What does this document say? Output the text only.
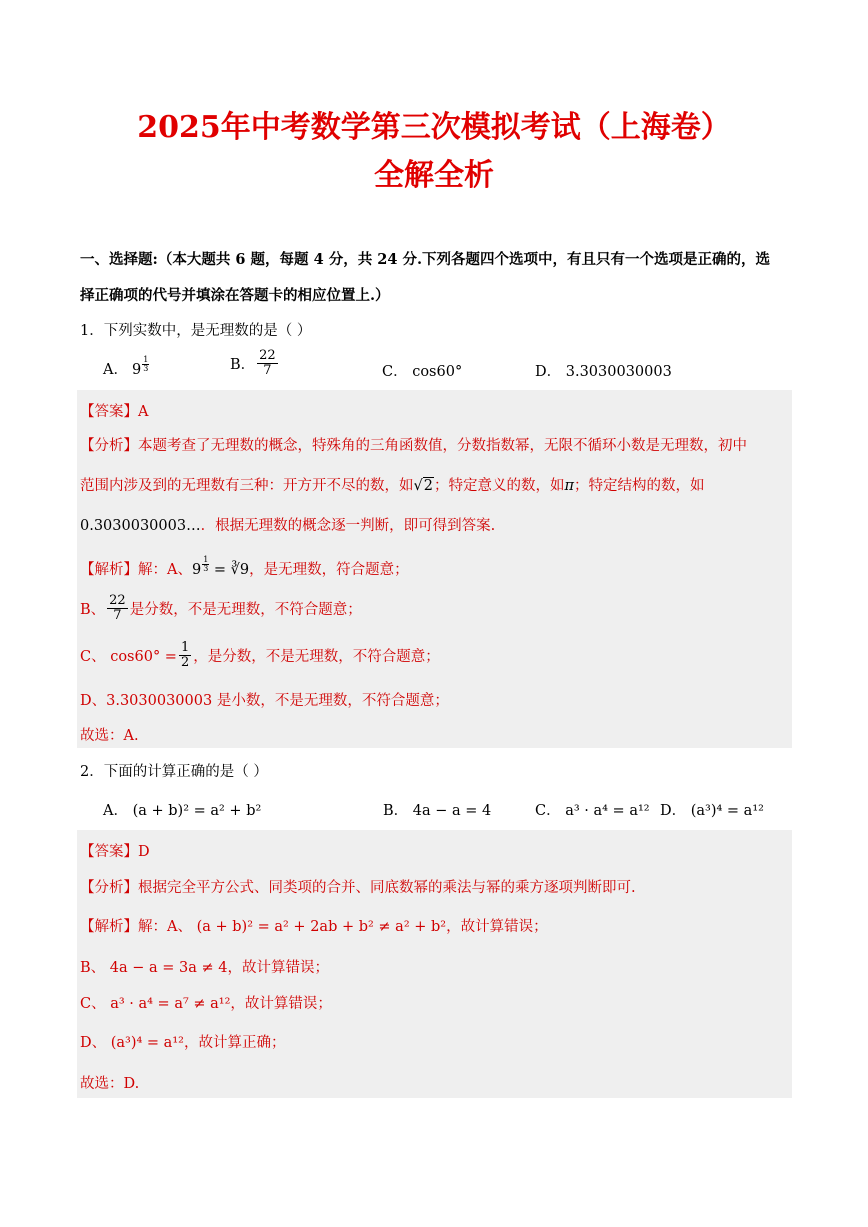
2025年中考数学第三次模拟考试（上海卷）
全解全析
一、选择题:（本大题共 6 题，每题 4 分，共 24 分.下列各题四个选项中，有且只有一个选项是正确的，选
择正确项的代号并填涂在答题卡的相应位置上.）
1．下列实数中，是无理数的是（ ）
A． $9 \frac{1}{3}$	B． $\frac{22}{7}$	C． cos60°	D． 3.3030030003
【答案】A
【分析】本题考查了无理数的概念，特殊角的三角函数值，分数指数幂，无限不循环小数是无理数，初中
范围内涉及到的无理数有三种：开方开不尽的数，如√2；特定意义的数，如π；特定结构的数，如
0.3030030003…．根据无理数的概念逐一判断，即可得到答案.
【解析】解：A、$9 \frac{1}{3}$ = ∛9，是无理数，符合题意；
B、 $\frac{22}{7}$ 是分数，不是无理数，不符合题意；
C、 $\cos 60^\circ = \frac{1}{2}$ ，是分数，不是无理数，不符合题意；
D、3.3030030003 是小数，不是无理数，不符合题意；
故选：A.
2．下面的计算正确的是（ ）
A． (a + b)² = a² + b²	B． 4a − a = 4	C． a³ · a⁴ = a¹² D． (a³)⁴ = a¹²
【答案】D
【分析】根据完全平方公式、同类项的合并、同底数幂的乘法与幂的乘方逐项判断即可.
【解析】解：A、 (a + b)² = a² + 2ab + b² ≠ a² + b²，故计算错误；
B、 4a − a = 3a ≠ 4，故计算错误；
C、 a³ · a⁴ = a⁷ ≠ a¹²，故计算错误；
D、 (a³)⁴ = a¹²，故计算正确；
故选：D.
